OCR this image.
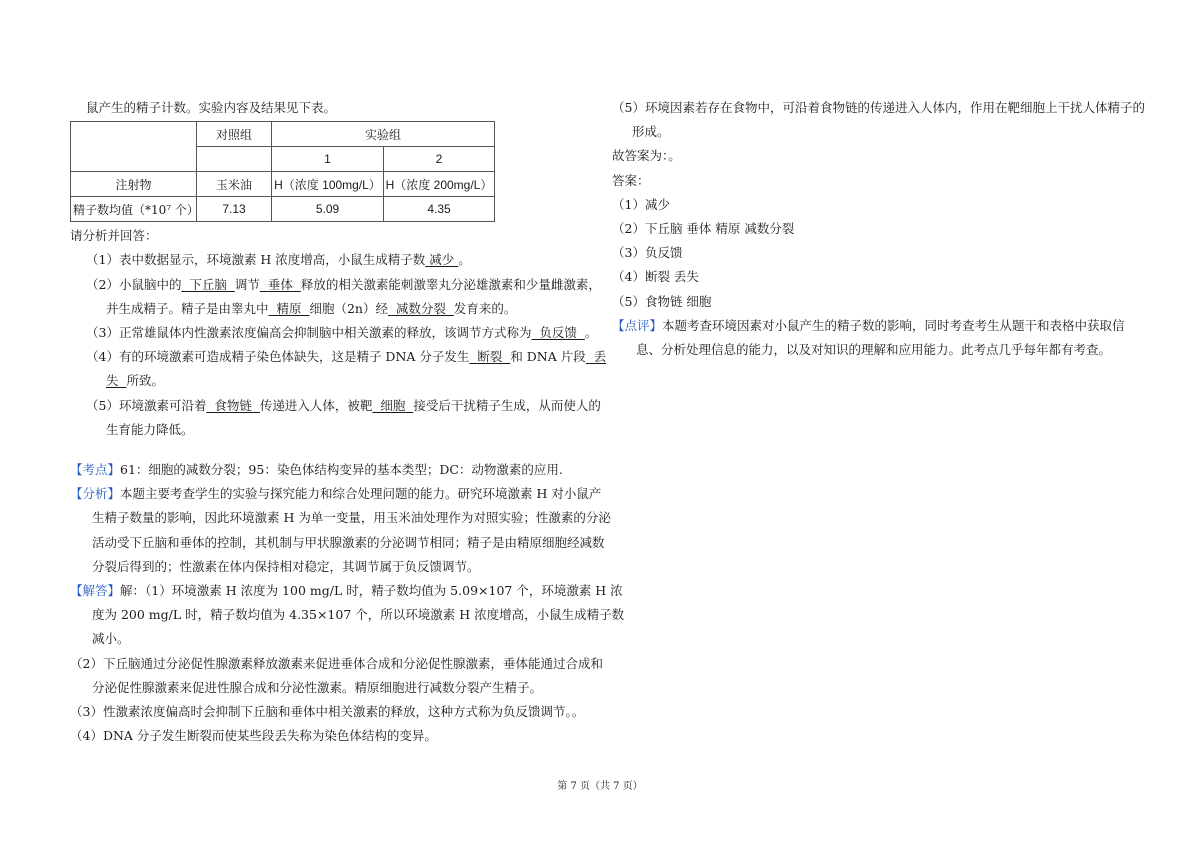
鼠产生的精子计数。实验内容及结果见下表。
	对照组	实验组	
		1	2
注射物	玉米油	H（浓度 100mg/L）	H（浓度 200mg/L）
精子数均值（*10⁷ 个）	7.13	5.09	4.35
请分析并回答：
（1）表中数据显示，环境激素 H 浓度增高，小鼠生成精子数 减少 。
（2）小鼠脑中的 下丘脑 调节 垂体 释放的相关激素能刺激睾丸分泌雄激素和少量雌激素，
并生成精子。精子是由睾丸中 精原 细胞（2n）经 减数分裂 发育来的。
（3）正常雄鼠体内性激素浓度偏高会抑制脑中相关激素的释放，该调节方式称为 负反馈 。
（4）有的环境激素可造成精子染色体缺失，这是精子 DNA 分子发生 断裂 和 DNA 片段 丢
失 所致。
（5）环境激素可沿着 食物链 传递进入人体，被靶 细胞 接受后干扰精子生成，从而使人的
生育能力降低。
【考点】61：细胞的减数分裂；95：染色体结构变异的基本类型；DC：动物激素的应用.
【分析】本题主要考查学生的实验与探究能力和综合处理问题的能力。研究环境激素 H 对小鼠产
生精子数量的影响，因此环境激素 H 为单一变量，用玉米油处理作为对照实验；性激素的分泌
活动受下丘脑和垂体的控制，其机制与甲状腺激素的分泌调节相同；精子是由精原细胞经减数
分裂后得到的；性激素在体内保持相对稳定，其调节属于负反馈调节。
【解答】解：（1）环境激素 H 浓度为 100 mg/L 时，精子数均值为 5.09×107 个，环境激素 H 浓
度为 200 mg/L 时，精子数均值为 4.35×107 个，所以环境激素 H 浓度增高，小鼠生成精子数
减小。
（2）下丘脑通过分泌促性腺激素释放激素来促进垂体合成和分泌促性腺激素，垂体能通过合成和
分泌促性腺激素来促进性腺合成和分泌性激素。精原细胞进行减数分裂产生精子。
（3）性激素浓度偏高时会抑制下丘脑和垂体中相关激素的释放，这种方式称为负反馈调节。。
（4）DNA 分子发生断裂而使某些段丢失称为染色体结构的变异。
（5）环境因素若存在食物中，可沿着食物链的传递进入人体内，作用在靶细胞上干扰人体精子的
形成。
故答案为：。
答案：
（1）减少
（2）下丘脑 垂体 精原 减数分裂
（3）负反馈
（4）断裂 丢失
（5）食物链 细胞
【点评】本题考查环境因素对小鼠产生的精子数的影响，同时考查考生从题干和表格中获取信
息、分析处理信息的能力，以及对知识的理解和应用能力。此考点几乎每年都有考查。
第 7 页（共 7 页）
